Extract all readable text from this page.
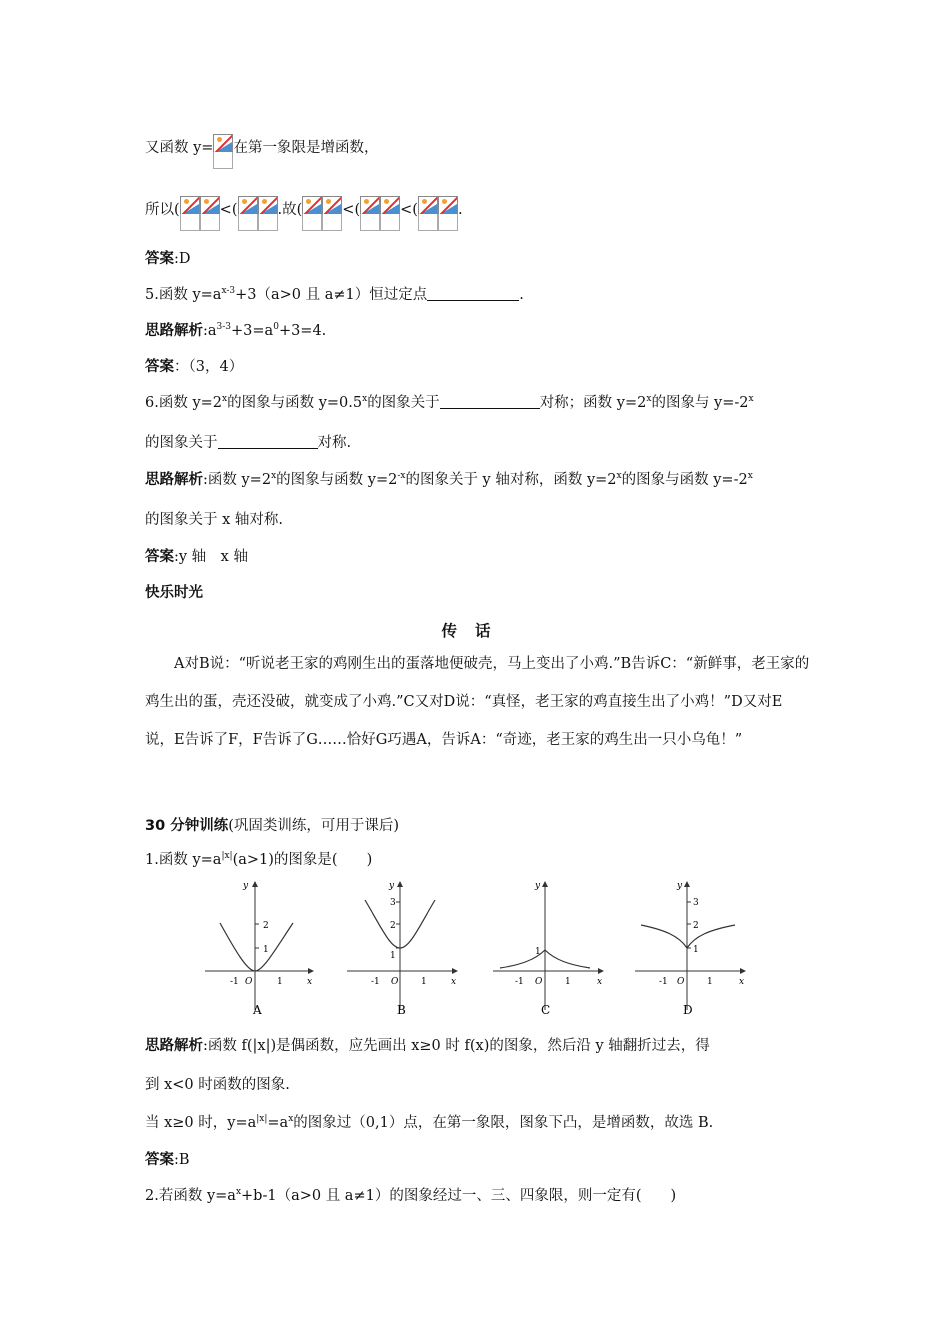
又函数 y= 在第一象限是增函数，
所以(	<(	.故(	<(	<(	.
答案:D
5.函数 $y=a^{x-3}+3(a>0$ 且 a≠1）恒过定点	.
思路解析$:a^{3-3}+3=a^0+3=4$.
答案：（3，4）
6.函数 $y=2^x$的图象与函数 $y=0.5^x$的图象关于	对称；函数 $y=2^x$的图象与 $y=-2^x$
的图象关于	对称.
思路解析:函数 $y=2^x$的图象与函数 $y=2^{-x}$的图象关于 y 轴对称，函数 $y=2^x$的图象与函数 $y=-2^x$
的图象关于 x 轴对称.
答案:y 轴　x 轴
快乐时光
传话
A对B说：“听说老王家的鸡刚生出的蛋落地便破壳，马上变出了小鸡.”B告诉C：“新鲜事，老王家的鸡生出的蛋，壳还没破，就变成了小鸡.”C又对D说：“真怪，老王家的鸡直接生出了小鸡！”D又对E说，E告诉了F，F告诉了G……恰好G巧遇A，告诉A：“奇迹，老王家的鸡生出一只小乌龟！”
30 分钟训练(巩固类训练，可用于课后)
1.函数 $y=a^{|x|}(a>1)$的图象是(　　)
1
2
-1	1
O	x
y
A
1
2
3
-1	1
O	x
y
B
1
-1	1
O	x
y
C
1
2
3
-1	1
O	x
y
D
思路解析:函数 f(|x|)是偶函数，应先画出 x≥0 时 f(x)的图象，然后沿 y 轴翻折过去，得
到 x<0 时函数的图象.
当 x≥0 时，$y=a^{|x|}=a^x$的图象过（0,1）点，在第一象限，图象下凸，是增函数，故选 B.
答案:B
2.若函数 $y=a^x+b-1(a>0$ 且 a≠1）的图象经过一、三、四象限，则一定有(　　)
